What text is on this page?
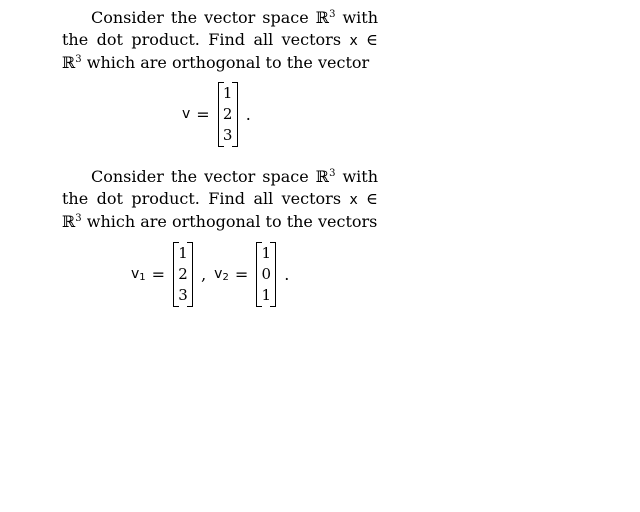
Consider the vector space ℝ$^3$ with the dot product. Find all vectors x ∈ ℝ$^3$ which are orthogonal to the vector

v =
1
2
3
.

Consider the vector space ℝ$^3$ with the dot product. Find all vectors x ∈ ℝ$^3$ which are orthogonal to the vectors

$v_1$ =
1
2
3
, $v_2$ =
1
0
1
.
